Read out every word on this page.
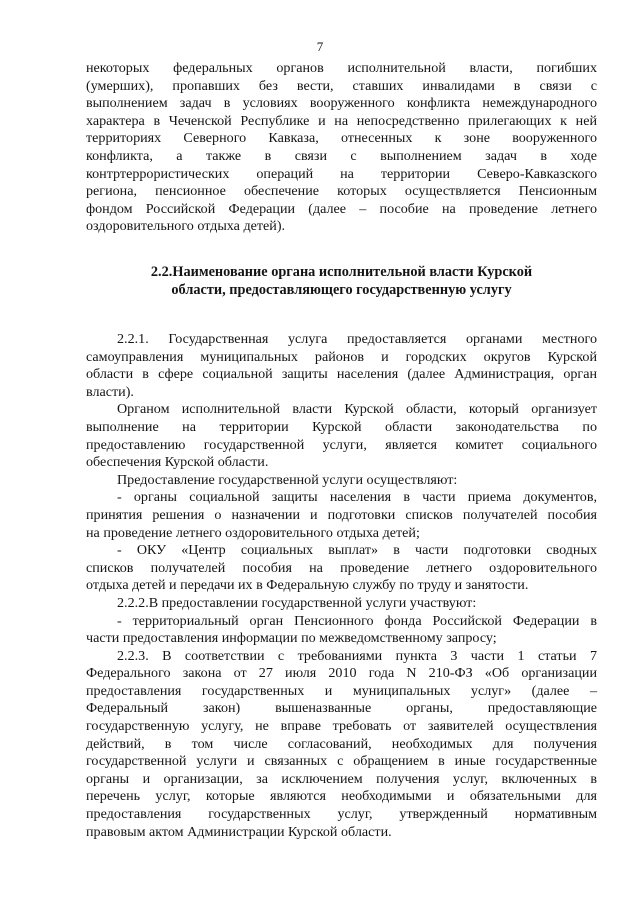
7
некоторых федеральных органов исполнительной власти, погибших
(умерших), пропавших без вести, ставших инвалидами в связи с
выполнением задач в условиях вооруженного конфликта немеждународного
характера в Чеченской Республике и на непосредственно прилегающих к ней
территориях Северного Кавказа, отнесенных к зоне вооруженного
конфликта, а также в связи с выполнением задач в ходе
контртеррористических операций на территории Северо-Кавказского
региона, пенсионное обеспечение которых осуществляется Пенсионным
фондом Российской Федерации (далее – пособие на проведение летнего
оздоровительного отдыха детей).
2.2.Наименование органа исполнительной власти Курской
области, предоставляющего государственную услугу
2.2.1. Государственная услуга предоставляется органами местного
самоуправления муниципальных районов и городских округов Курской
области в сфере социальной защиты населения (далее Администрация, орган
власти).
Органом исполнительной власти Курской области, который организует
выполнение на территории Курской области законодательства по
предоставлению государственной услуги, является комитет социального
обеспечения Курской области.
Предоставление государственной услуги осуществляют:
- органы социальной защиты населения в части приема документов,
принятия решения о назначении и подготовки списков получателей пособия
на проведение летнего оздоровительного отдыха детей;
- ОКУ «Центр социальных выплат» в части подготовки сводных
списков получателей пособия на проведение летнего оздоровительного
отдыха детей и передачи их в Федеральную службу по труду и занятости.
2.2.2.В предоставлении государственной услуги участвуют:
- территориальный орган Пенсионного фонда Российской Федерации в
части предоставления информации по межведомственному запросу;
2.2.3. В соответствии с требованиями пункта 3 части 1 статьи 7
Федерального закона от 27 июля 2010 года N 210-ФЗ «Об организации
предоставления государственных и муниципальных услуг» (далее –
Федеральный закон) вышеназванные органы, предоставляющие
государственную услугу, не вправе требовать от заявителей осуществления
действий, в том числе согласований, необходимых для получения
государственной услуги и связанных с обращением в иные государственные
органы и организации, за исключением получения услуг, включенных в
перечень услуг, которые являются необходимыми и обязательными для
предоставления государственных услуг, утвержденный нормативным
правовым актом Администрации Курской области.
